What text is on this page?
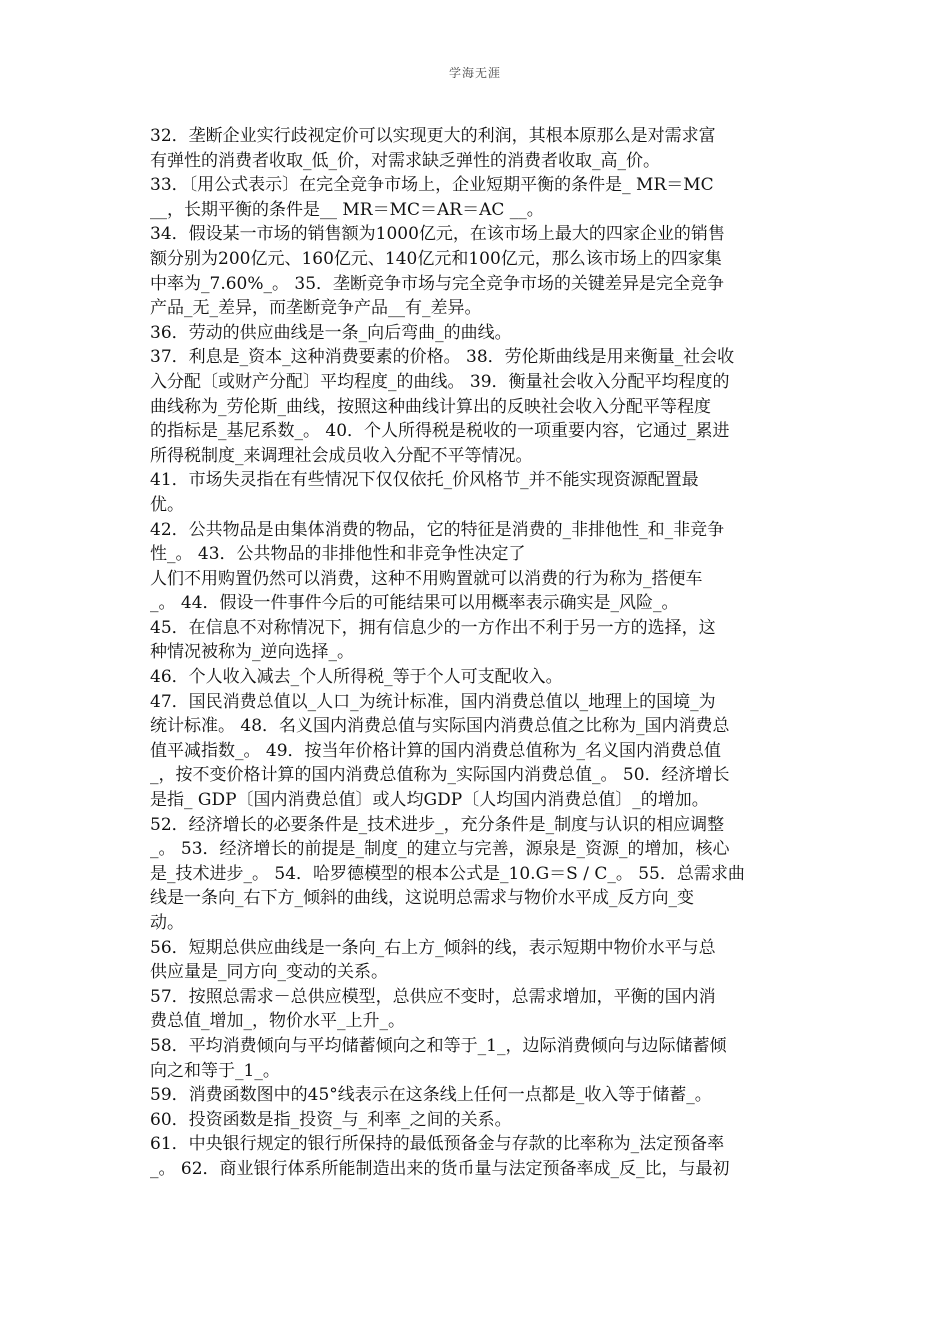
学海无涯
32．垄断企业实行歧视定价可以实现更大的利润，其根本原那么是对需求富
有弹性的消费者收取_低_价，对需求缺乏弹性的消费者收取_高_价。
33．〔用公式表示〕在完全竞争市场上，企业短期平衡的条件是_ MR＝MC
__，长期平衡的条件是__ MR＝MC＝AR＝AC __。
34．假设某一市场的销售额为1000亿元，在该市场上最大的四家企业的销售
额分别为200亿元、160亿元、140亿元和100亿元，那么该市场上的四家集
中率为_7.60%_。 35．垄断竞争市场与完全竞争市场的关键差异是完全竞争
产品_无_差异，而垄断竞争产品__有_差异。
36．劳动的供应曲线是一条_向后弯曲_的曲线。
37．利息是_资本_这种消费要素的价格。 38．劳伦斯曲线是用来衡量_社会收
入分配〔或财产分配〕平均程度_的曲线。 39．衡量社会收入分配平均程度的
曲线称为_劳伦斯_曲线，按照这种曲线计算出的反映社会收入分配平等程度
的指标是_基尼系数_。 40．个人所得税是税收的一项重要内容，它通过_累进
所得税制度_来调理社会成员收入分配不平等情况。
41．市场失灵指在有些情况下仅仅依托_价风格节_并不能实现资源配置最
优。
42．公共物品是由集体消费的物品，它的特征是消费的_非排他性_和_非竞争
性_。 43．公共物品的非排他性和非竞争性决定了
人们不用购置仍然可以消费，这种不用购置就可以消费的行为称为_搭便车
_。 44．假设一件事件今后的可能结果可以用概率表示确实是_风险_。
45．在信息不对称情况下，拥有信息少的一方作出不利于另一方的选择，这
种情况被称为_逆向选择_。
46．个人收入减去_个人所得税_等于个人可支配收入。
47．国民消费总值以_人口_为统计标准，国内消费总值以_地理上的国境_为
统计标准。 48．名义国内消费总值与实际国内消费总值之比称为_国内消费总
值平减指数_。 49．按当年价格计算的国内消费总值称为_名义国内消费总值
_，按不变价格计算的国内消费总值称为_实际国内消费总值_。 50．经济增长
是指_ GDP〔国内消费总值〕或人均GDP〔人均国内消费总值〕_的增加。
52．经济增长的必要条件是_技术进步_，充分条件是_制度与认识的相应调整
_。 53．经济增长的前提是_制度_的建立与完善，源泉是_资源_的增加，核心
是_技术进步_。 54．哈罗德模型的根本公式是_10.G＝S / C_。 55．总需求曲
线是一条向_右下方_倾斜的曲线，这说明总需求与物价水平成_反方向_变
动。
56．短期总供应曲线是一条向_右上方_倾斜的线，表示短期中物价水平与总
供应量是_同方向_变动的关系。
57．按照总需求－总供应模型，总供应不变时，总需求增加，平衡的国内消
费总值_增加_，物价水平_上升_。
58．平均消费倾向与平均储蓄倾向之和等于_1_，边际消费倾向与边际储蓄倾
向之和等于_1_。
59．消费函数图中的45°线表示在这条线上任何一点都是_收入等于储蓄_。
60．投资函数是指_投资_与_利率_之间的关系。
61．中央银行规定的银行所保持的最低预备金与存款的比率称为_法定预备率
_。 62．商业银行体系所能制造出来的货币量与法定预备率成_反_比，与最初
